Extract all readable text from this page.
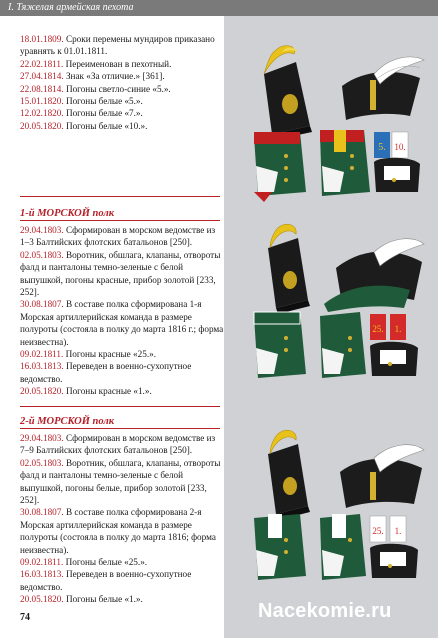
I. Тяжелая армейская пехота
18.01.1809. Сроки перемены мундиров приказано уравнять к 01.01.1811.
22.02.1811. Переименован в пехотный.
27.04.1814. Знак «За отличие.» [361].
22.08.1814. Погоны светло-синие «5.».
15.01.1820. Погоны белые «5.».
12.02.1820. Погоны белые «7.».
20.05.1820. Погоны белые «10.».
1-й МОРСКОЙ полк
29.04.1803. Сформирован в морском ведомстве из 1–3 Балтийских флотских батальонов [250].
02.05.1803. Воротник, обшлага, клапаны, отвороты фалд и панталоны темно-зеленые с белой выпушкой, погоны красные, прибор золотой [233, 252].
30.08.1807. В составе полка сформирована 1-я Морская артиллерийская команда в размере полуроты (состояла в полку до марта 1816 г.; форма неизвестна).
09.02.1811. Погоны красные «25.».
16.03.1813. Переведен в военно-сухопутное ведомство.
20.05.1820. Погоны красные «1.».
2-й МОРСКОЙ полк
29.04.1803. Сформирован в морском ведомстве из 7–9 Балтийских флотских батальонов [250].
02.05.1803. Воротник, обшлага, клапаны, отвороты фалд и панталоны темно-зеленые с белой выпушкой, погоны белые, прибор золотой [233, 252].
30.08.1807. В составе полка сформирована 2-я Морская артиллерийская команда в размере полуроты (состояла в полку до марта 1816; форма неизвестна).
09.02.1811. Погоны белые «25.».
16.03.1813. Переведен в военно-сухопутное ведомство.
20.05.1820. Погоны белые «1.».
74
5. 10.
25. 1.
25. 1.
Nacekomie.ru
